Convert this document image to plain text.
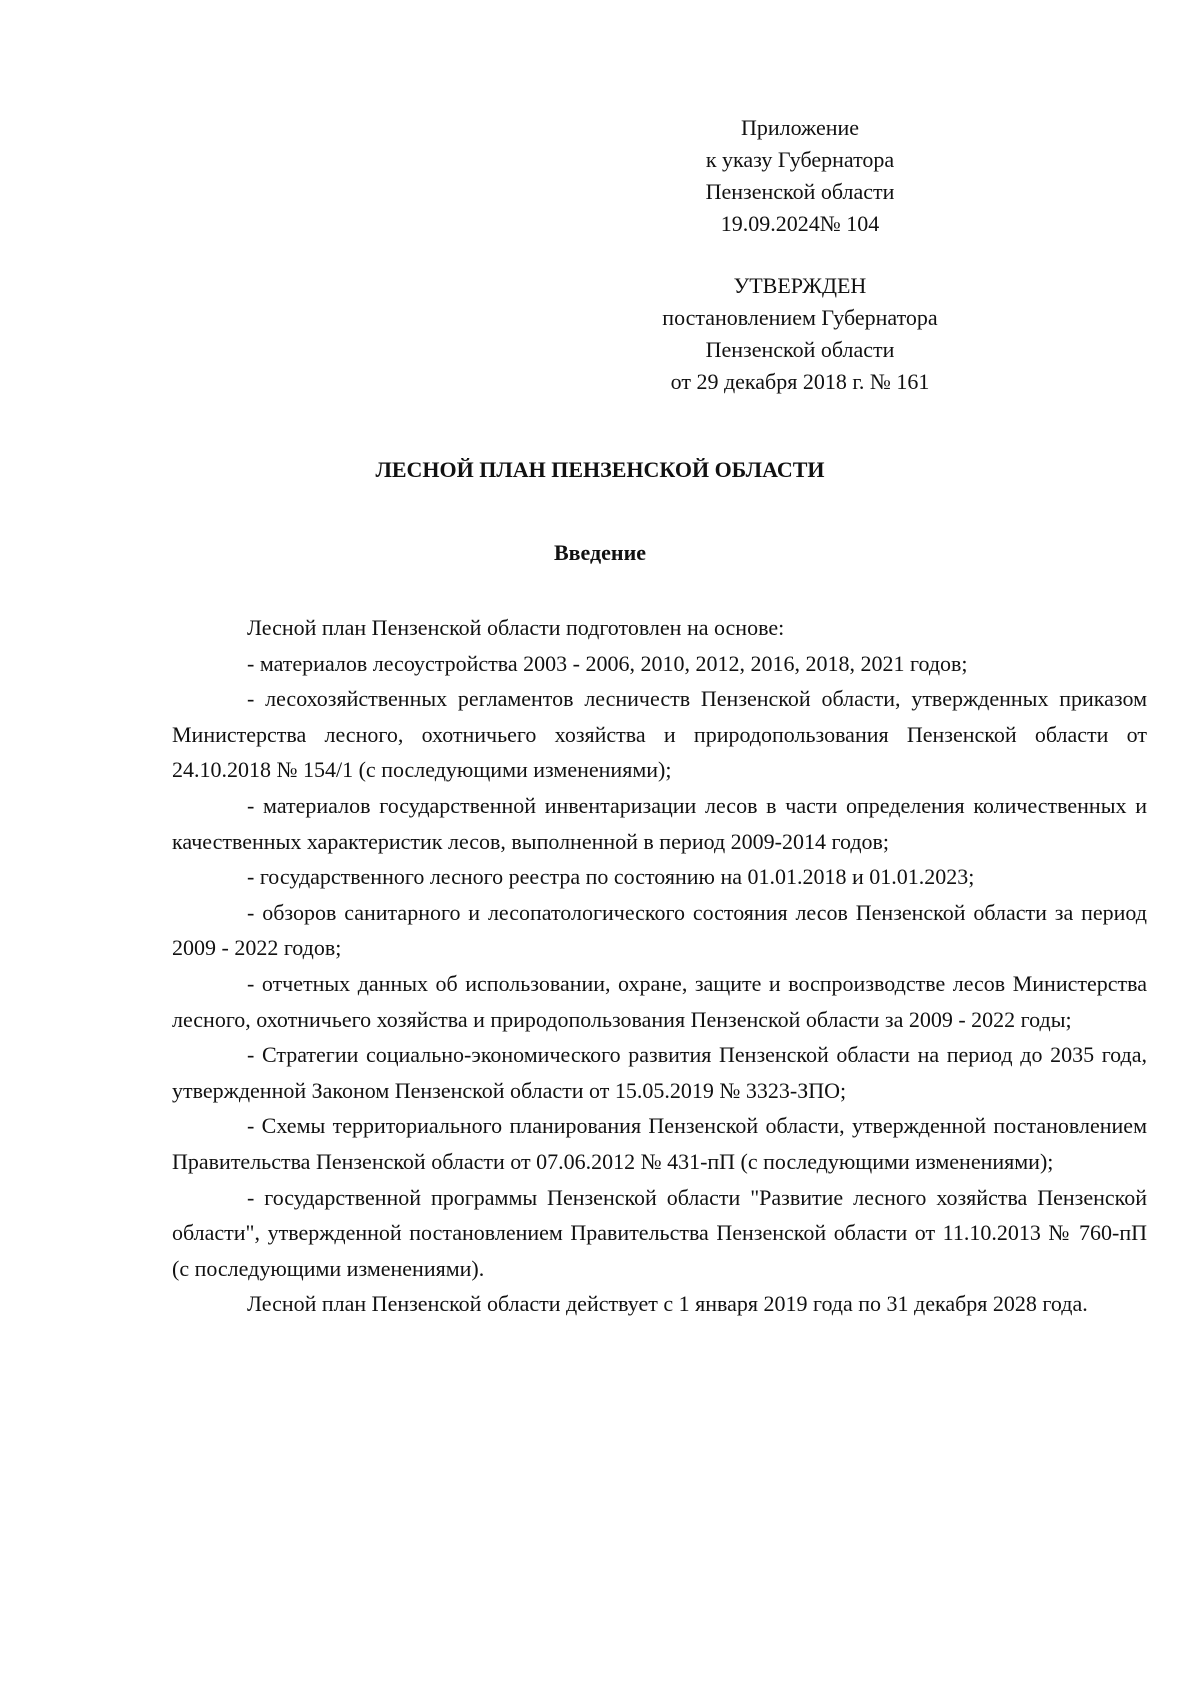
Приложение
к указу Губернатора
Пензенской области
19.09.2024№ 104
УТВЕРЖДЕН
постановлением Губернатора
Пензенской области
от 29 декабря 2018 г. № 161
ЛЕСНОЙ ПЛАН ПЕНЗЕНСКОЙ ОБЛАСТИ
Введение

Лесной план Пензенской области подготовлен на основе:

- материалов лесоустройства 2003 - 2006, 2010, 2012, 2016, 2018, 2021 годов;

- лесохозяйственных регламентов лесничеств Пензенской области, утвержденных приказом Министерства лесного, охотничьего хозяйства и природопользования Пензенской области от 24.10.2018 № 154/1 (с последующими изменениями);

- материалов государственной инвентаризации лесов в части определения количественных и качественных характеристик лесов, выполненной в период 2009-2014 годов;

- государственного лесного реестра по состоянию на 01.01.2018 и 01.01.2023;

- обзоров санитарного и лесопатологического состояния лесов Пензенской области за период 2009 - 2022 годов;

- отчетных данных об использовании, охране, защите и воспроизводстве лесов Министерства лесного, охотничьего хозяйства и природопользования Пензенской области за 2009 - 2022 годы;

- Стратегии социально-экономического развития Пензенской области на период до 2035 года, утвержденной Законом Пензенской области от 15.05.2019 № 3323-ЗПО;

- Схемы территориального планирования Пензенской области, утвержденной постановлением Правительства Пензенской области от 07.06.2012 № 431-пП (с последующими изменениями);

- государственной программы Пензенской области "Развитие лесного хозяйства Пензенской области", утвержденной постановлением Правительства Пензенской области от 11.10.2013 № 760-пП (с последующими изменениями).

Лесной план Пензенской области действует с 1 января 2019 года по 31 декабря 2028 года.
